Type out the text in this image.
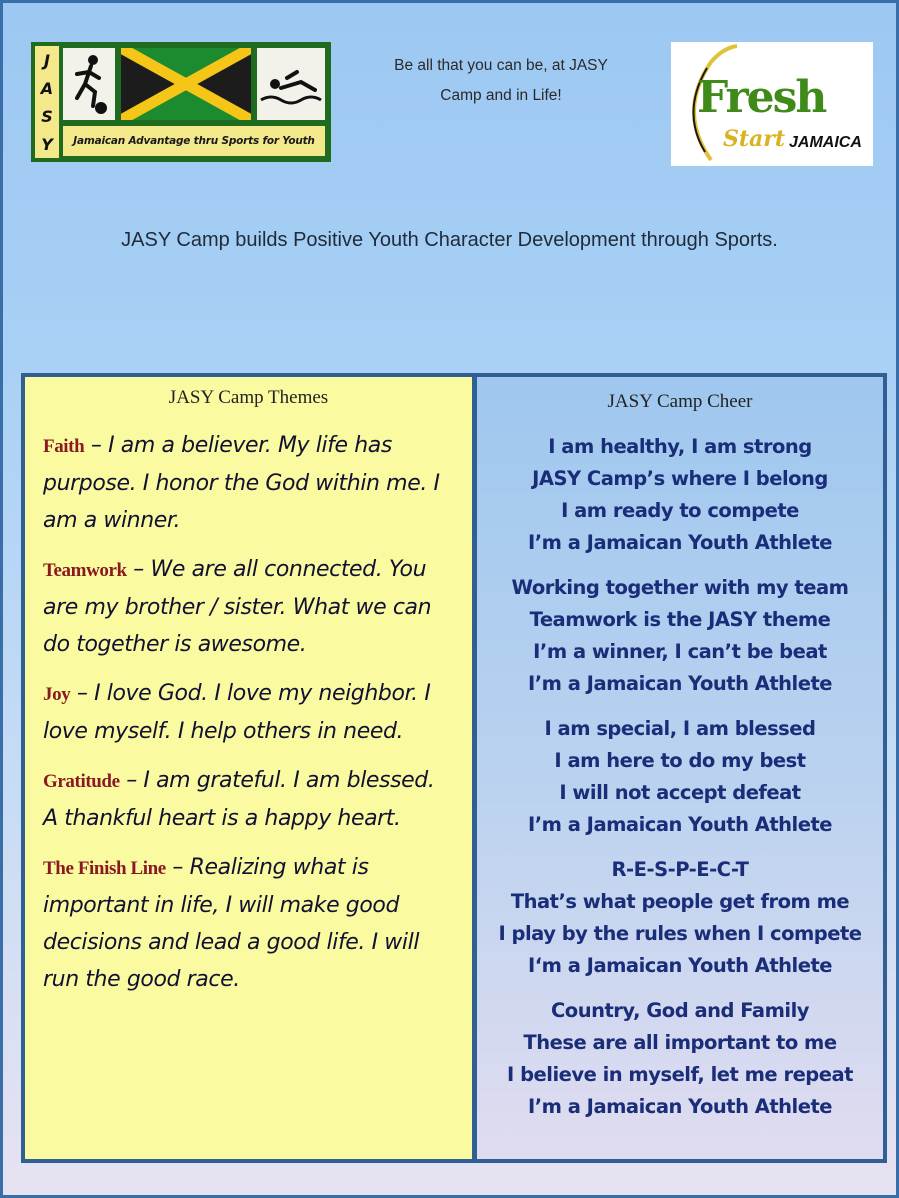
J
A
S
Y	Jamaican Advantage thru Sports for Youth
Be all that you can be, at JASY
Camp and in Life!	Fresh
Start JAMAICA
JASY Camp builds Positive Youth Character Development through Sports.
JASY Camp Themes
Faith – I am a believer. My life has purpose. I honor the God within me. I am a winner.
Teamwork – We are all connected. You are my brother / sister. What we can do together is awesome.
Joy – I love God. I love my neighbor. I love myself. I help others in need.
Gratitude – I am grateful. I am blessed. A thankful heart is a happy heart.
The Finish Line – Realizing what is important in life, I will make good decisions and lead a good life. I will run the good race.
JASY Camp Cheer
I am healthy, I am strong
JASY Camp’s where I belong
I am ready to compete
I’m a Jamaican Youth Athlete
Working together with my team
Teamwork is the JASY theme
I’m a winner, I can’t be beat
I’m a Jamaican Youth Athlete
I am special, I am blessed
I am here to do my best
I will not accept defeat
I’m a Jamaican Youth Athlete
R-E-S-P-E-C-T
That’s what people get from me
I play by the rules when I compete
I‘m a Jamaican Youth Athlete
Country, God and Family
These are all important to me
I believe in myself, let me repeat
I’m a Jamaican Youth Athlete
